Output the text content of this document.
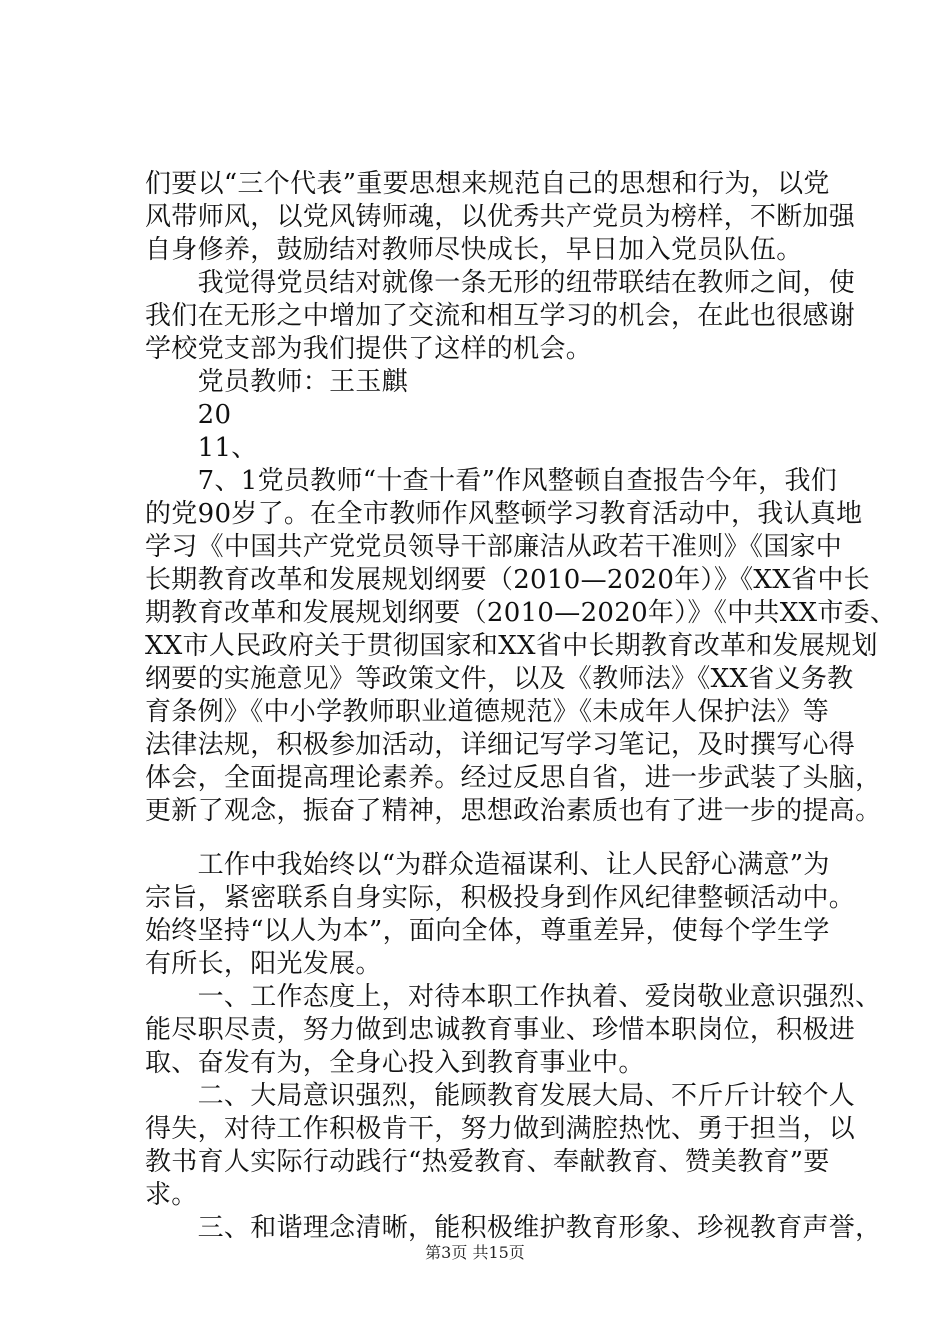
们要以“三个代表”重要思想来规范自己的思想和行为，以党
风带师风，以党风铸师魂，以优秀共产党员为榜样，不断加强
自身修养，鼓励结对教师尽快成长，早日加入党员队伍。
　　我觉得党员结对就像一条无形的纽带联结在教师之间，使
我们在无形之中增加了交流和相互学习的机会，在此也很感谢
学校党支部为我们提供了这样的机会。
　　党员教师：王玉麒
　　20
　　11、
　　7、1党员教师“十查十看”作风整顿自查报告今年，我们
的党90岁了。在全市教师作风整顿学习教育活动中，我认真地
学习《中国共产党党员领导干部廉洁从政若干准则》《国家中
长期教育改革和发展规划纲要（2010—2020年）》《XX省中长
期教育改革和发展规划纲要（2010—2020年）》《中共XX市委、
XX市人民政府关于贯彻国家和XX省中长期教育改革和发展规划
纲要的实施意见》等政策文件，以及《教师法》《XX省义务教
育条例》《中小学教师职业道德规范》《未成年人保护法》等
法律法规，积极参加活动，详细记写学习笔记，及时撰写心得
体会，全面提高理论素养。经过反思自省，进一步武装了头脑，
更新了观念，振奋了精神，思想政治素质也有了进一步的提高。
　　工作中我始终以“为群众造福谋利、让人民舒心满意”为
宗旨，紧密联系自身实际，积极投身到作风纪律整顿活动中。
始终坚持“以人为本”，面向全体，尊重差异，使每个学生学
有所长，阳光发展。
　　一、工作态度上，对待本职工作执着、爱岗敬业意识强烈、
能尽职尽责，努力做到忠诚教育事业、珍惜本职岗位，积极进
取、奋发有为，全身心投入到教育事业中。
　　二、大局意识强烈，能顾教育发展大局、不斤斤计较个人
得失，对待工作积极肯干，努力做到满腔热忱、勇于担当，以
教书育人实际行动践行“热爱教育、奉献教育、赞美教育”要
求。
　　三、和谐理念清晰，能积极维护教育形象、珍视教育声誉，
第3页 共15页
